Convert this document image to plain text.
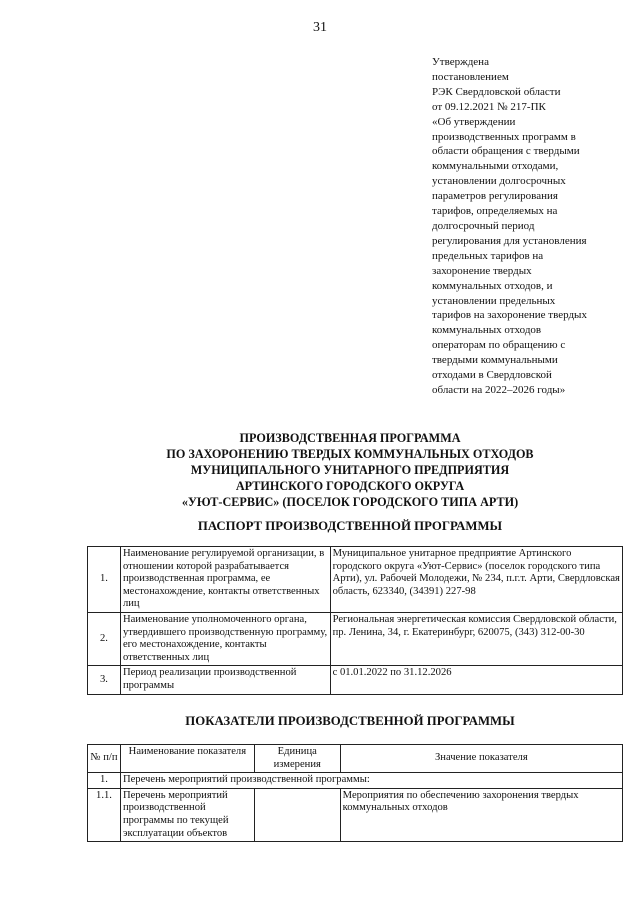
31
Утверждена
постановлением
РЭК Свердловской области
от 09.12.2021 № 217-ПК
«Об утверждении
производственных программ в
области обращения с твердыми
коммунальными отходами,
установлении долгосрочных
параметров регулирования
тарифов, определяемых на
долгосрочный период
регулирования для установления
предельных тарифов на
захоронение твердых
коммунальных отходов, и
установлении предельных
тарифов на захоронение твердых
коммунальных отходов
операторам по обращению с
твердыми коммунальными
отходами в Свердловской
области на 2022–2026 годы»
ПРОИЗВОДСТВЕННАЯ ПРОГРАММА
ПО ЗАХОРОНЕНИЮ ТВЕРДЫХ КОММУНАЛЬНЫХ ОТХОДОВ
МУНИЦИПАЛЬНОГО УНИТАРНОГО ПРЕДПРИЯТИЯ
АРТИНСКОГО ГОРОДСКОГО ОКРУГА
«УЮТ-СЕРВИС» (ПОСЕЛОК ГОРОДСКОГО ТИПА АРТИ)
ПАСПОРТ ПРОИЗВОДСТВЕННОЙ ПРОГРАММЫ
1.	Наименование регулируемой организации, в отношении которой разрабатывается производственная программа, ее местонахождение, контакты ответственных лиц	Муниципальное унитарное предприятие Артинского городского округа «Уют-Сервис» (поселок городского типа Арти), ул. Рабочей Молодежи, № 234, п.г.т. Арти, Свердловская область, 623340, (34391) 227-98
2.	Наименование уполномоченного органа, утвердившего производственную программу, его местонахождение, контакты ответственных лиц	Региональная энергетическая комиссия Свердловской области, пр. Ленина, 34, г. Екатеринбург, 620075, (343) 312-00-30
3.	Период реализации производственной программы	с 01.01.2022 по 31.12.2026
ПОКАЗАТЕЛИ ПРОИЗВОДСТВЕННОЙ ПРОГРАММЫ
№ п/п	Наименование показателя	Единица измерения	Значение показателя
1.	Перечень мероприятий производственной программы:		
1.1.	Перечень мероприятий производственной программы по текущей эксплуатации объектов		Мероприятия по обеспечению захоронения твердых коммунальных отходов
